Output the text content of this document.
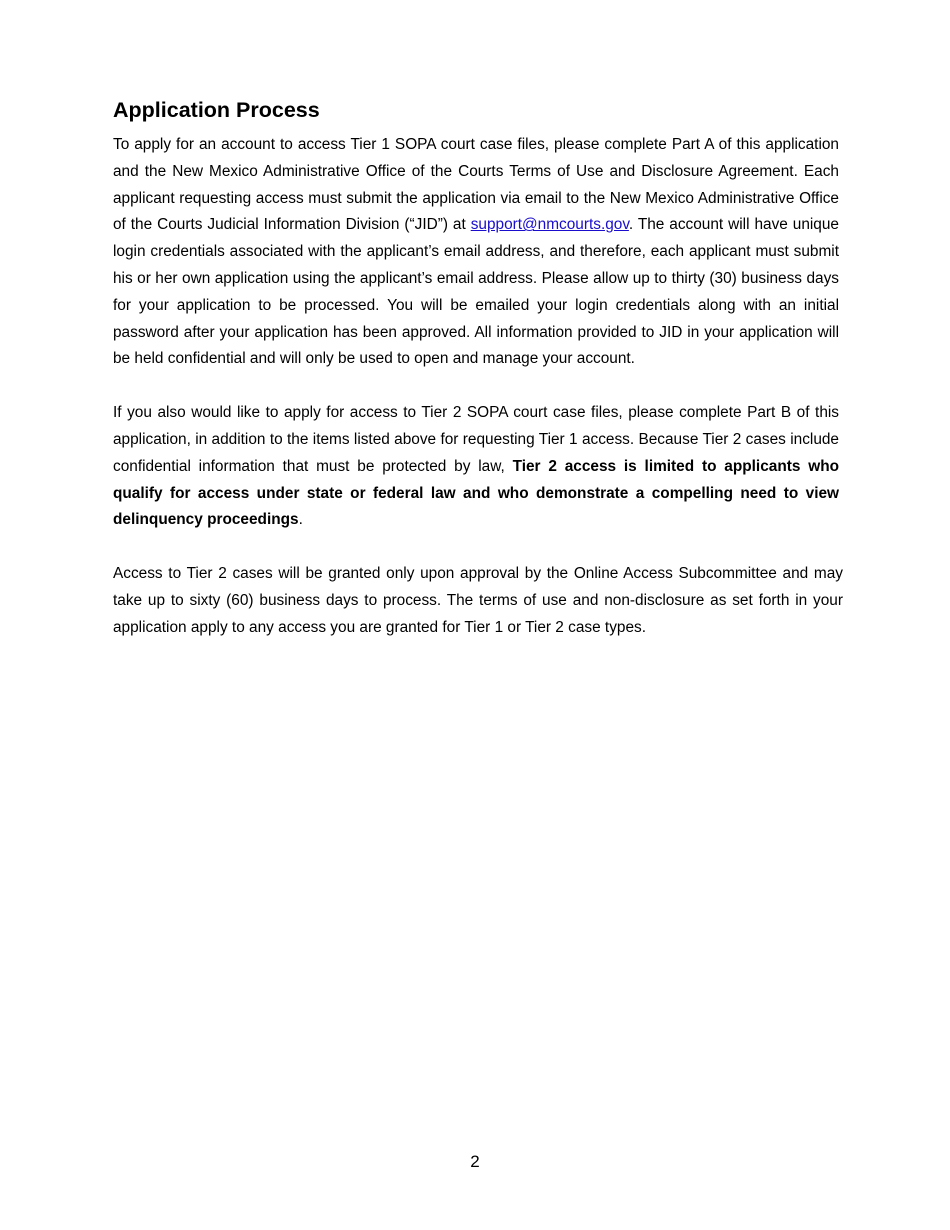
Application Process

To apply for an account to access Tier 1 SOPA court case files, please complete Part A of this application and the New Mexico Administrative Office of the Courts Terms of Use and Disclosure Agreement. Each applicant requesting access must submit the application via email to the New Mexico Administrative Office of the Courts Judicial Information Division (“JID”) at support@nmcourts.gov. The account will have unique login credentials associated with the applicant’s email address, and therefore, each applicant must submit his or her own application using the applicant’s email address. Please allow up to thirty (30) business days for your application to be processed. You will be emailed your login credentials along with an initial password after your application has been approved. All information provided to JID in your application will be held confidential and will only be used to open and manage your account.

If you also would like to apply for access to Tier 2 SOPA court case files, please complete Part B of this application, in addition to the items listed above for requesting Tier 1 access. Because Tier 2 cases include confidential information that must be protected by law, Tier 2 access is limited to applicants who qualify for access under state or federal law and who demonstrate a compelling need to view delinquency proceedings.

Access to Tier 2 cases will be granted only upon approval by the Online Access Subcommittee and may take up to sixty (60) business days to process. The terms of use and non-disclosure as set forth in your application apply to any access you are granted for Tier 1 or Tier 2 case types.

2
